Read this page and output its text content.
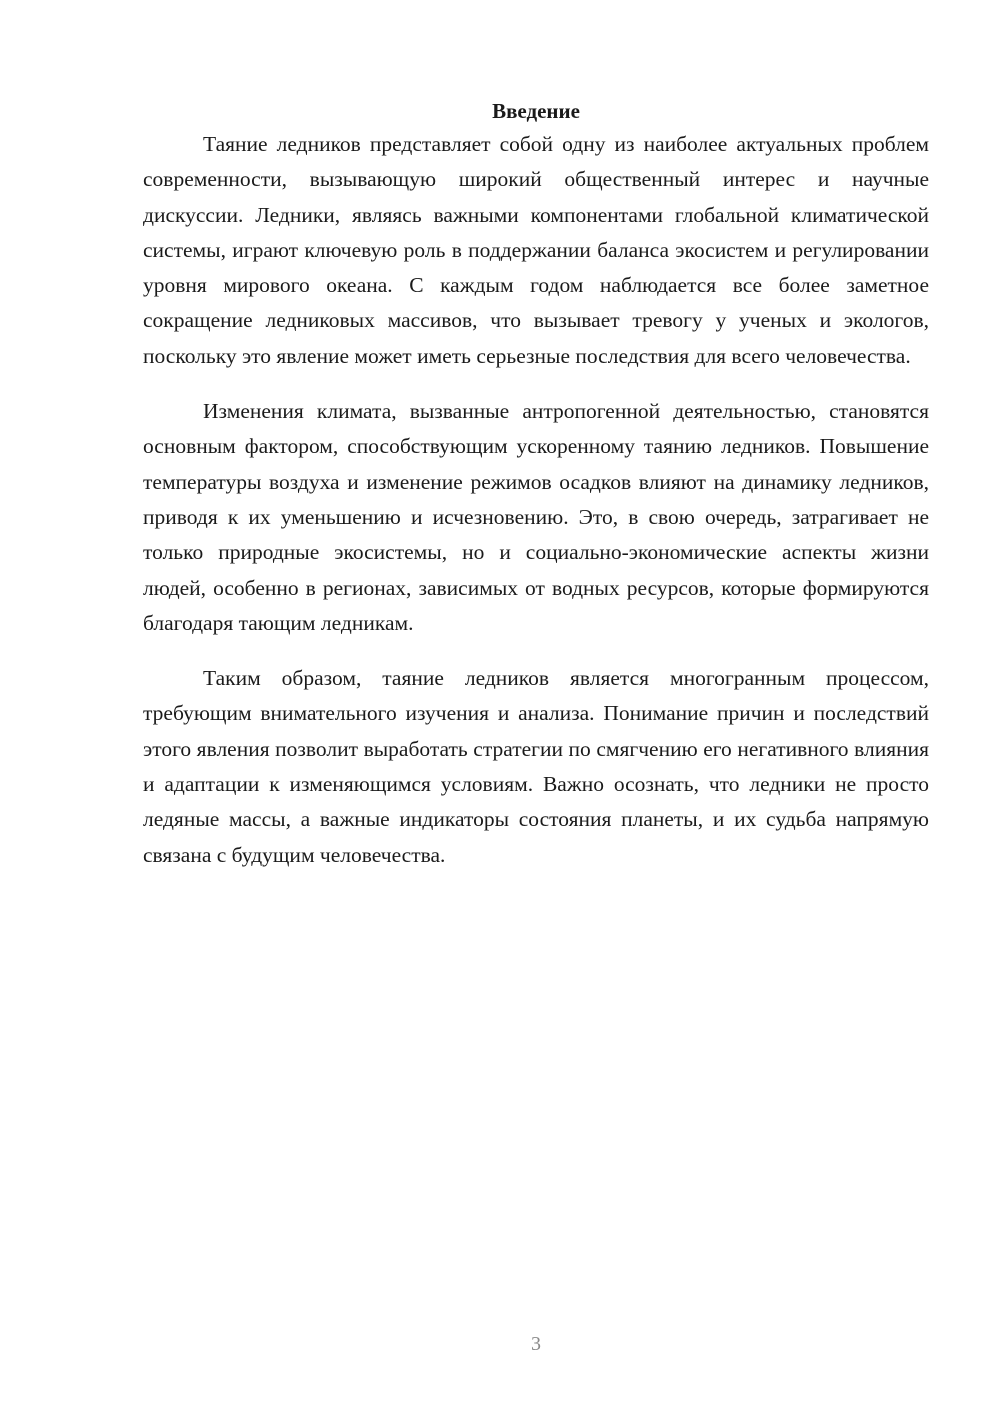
Введение

Таяние ледников представляет собой одну из наиболее актуальных проблем современности, вызывающую широкий общественный интерес и научные дискуссии. Ледники, являясь важными компонентами глобальной климатической системы, играют ключевую роль в поддержании баланса экосистем и регулировании уровня мирового океана. С каждым годом наблюдается все более заметное сокращение ледниковых массивов, что вызывает тревогу у ученых и экологов, поскольку это явление может иметь серьезные последствия для всего человечества.

Изменения климата, вызванные антропогенной деятельностью, становятся основным фактором, способствующим ускоренному таянию ледников. Повышение температуры воздуха и изменение режимов осадков влияют на динамику ледников, приводя к их уменьшению и исчезновению. Это, в свою очередь, затрагивает не только природные экосистемы, но и социально-экономические аспекты жизни людей, особенно в регионах, зависимых от водных ресурсов, которые формируются благодаря тающим ледникам.

Таким образом, таяние ледников является многогранным процессом, требующим внимательного изучения и анализа. Понимание причин и последствий этого явления позволит выработать стратегии по смягчению его негативного влияния и адаптации к изменяющимся условиям. Важно осознать, что ледники не просто ледяные массы, а важные индикаторы состояния планеты, и их судьба напрямую связана с будущим человечества.

3
